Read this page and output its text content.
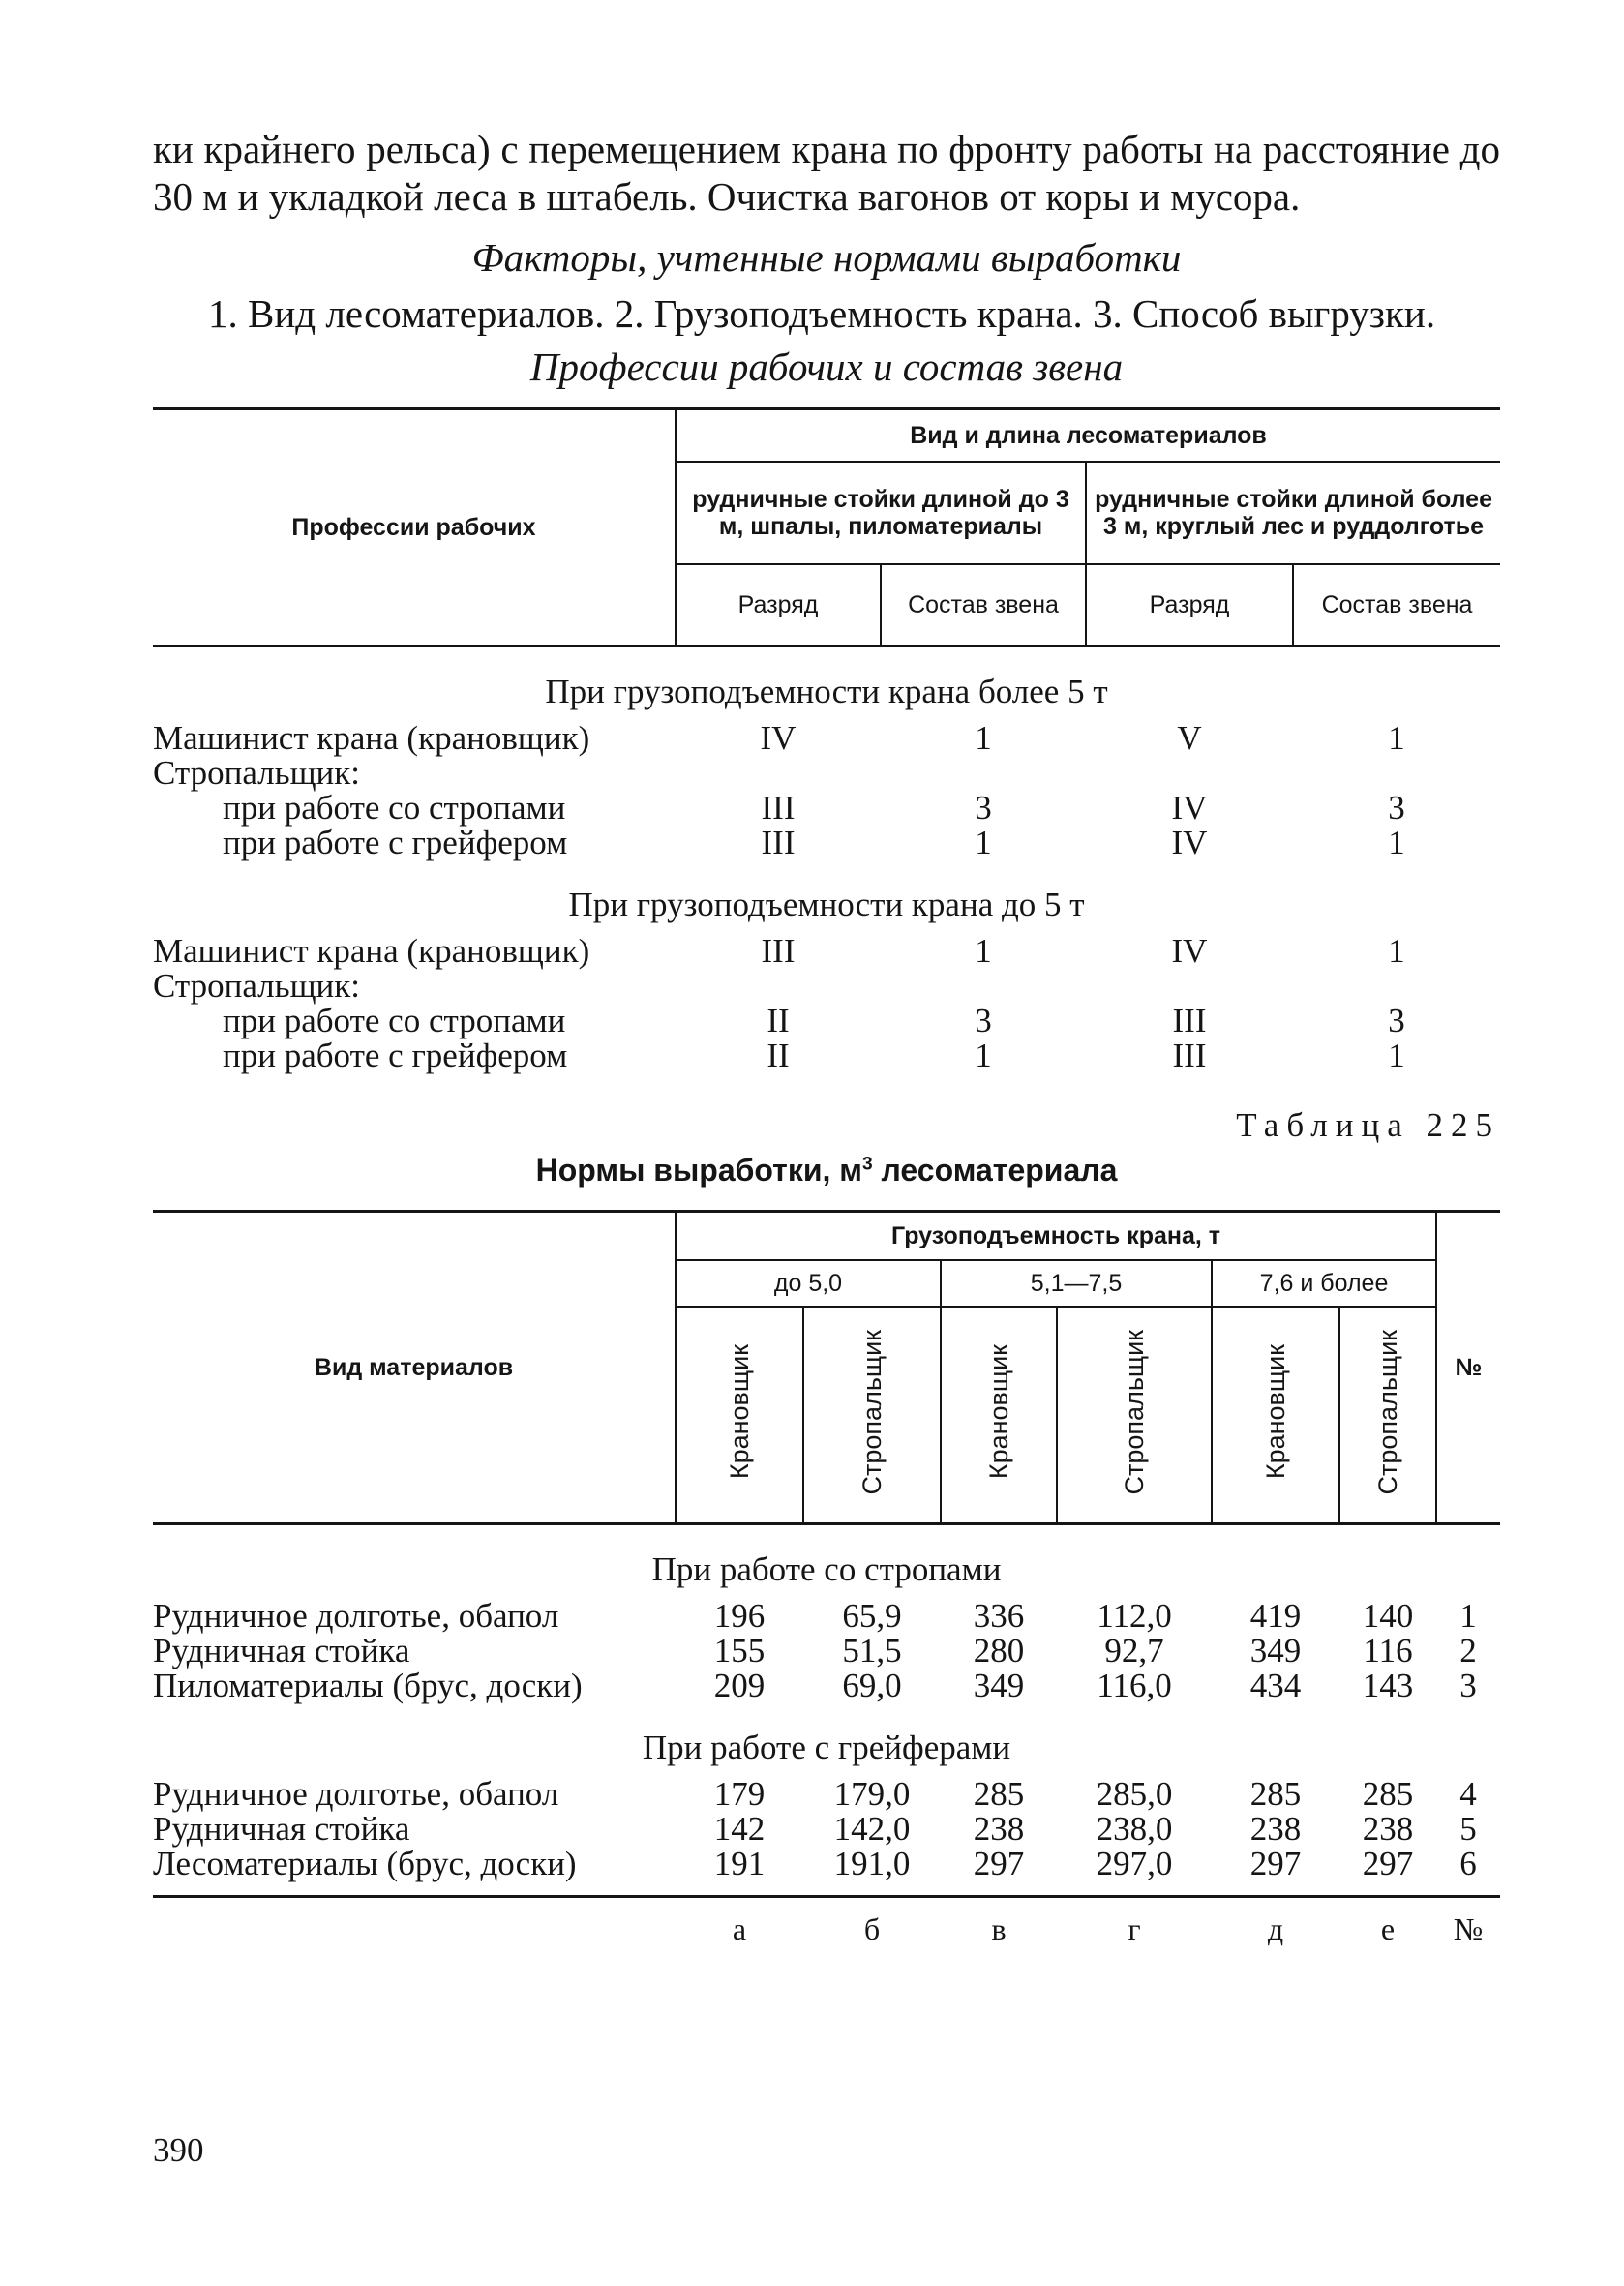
ки крайнего рельса) с перемещением крана по фронту работы на расстояние до 30 м и укладкой леса в штабель. Очистка вагонов от коры и мусора.

Факторы, учтенные нормами выработки

1. Вид лесоматериалов. 2. Грузоподъемность крана. 3. Способ выгрузки.

Профессии рабочих и состав звена

Профессии рабочих	Вид и длина лесоматериалов			
	рудничные стойки длиной до 3 м, шпалы, пиломатериалы		рудничные стойки длиной более 3 м, круглый лес и руддолготье	
	Разряд	Состав звена	Разряд	Состав звена
При грузоподъемности крана более 5 т				
Машинист крана (крановщик)	IV	1	V	1
Стропальщик:				
при работе со стропами	III	3	IV	3
при работе с грейфером	III	1	IV	1
При грузоподъемности крана до 5 т				
Машинист крана (крановщик)	III	1	IV	1
Стропальщик:				
при работе со стропами	II	3	III	3
при работе с грейфером	II	1	III	1

Таблица 225

Нормы выработки, $м^3$ лесоматериала

Вид материалов	Грузоподъемность крана, т						№
	до 5,0		5,1—7,5		7,6 и более		
	Крановщик	Стропальщик	Крановщик	Стропальщик	Крановщик	Стропальщик	
При работе со стропами							
Рудничное долготье, обапол	196	65,9	336	112,0	419	140	1
Рудничная стойка	155	51,5	280	92,7	349	116	2
Пиломатериалы (брус, доски)	209	69,0	349	116,0	434	143	3
При работе с грейферами							
Рудничное долготье, обапол	179	179,0	285	285,0	285	285	4
Рудничная стойка	142	142,0	238	238,0	238	238	5
Лесоматериалы (брус, доски)	191	191,0	297	297,0	297	297	6
	а	б	в	г	д	е	№
390
